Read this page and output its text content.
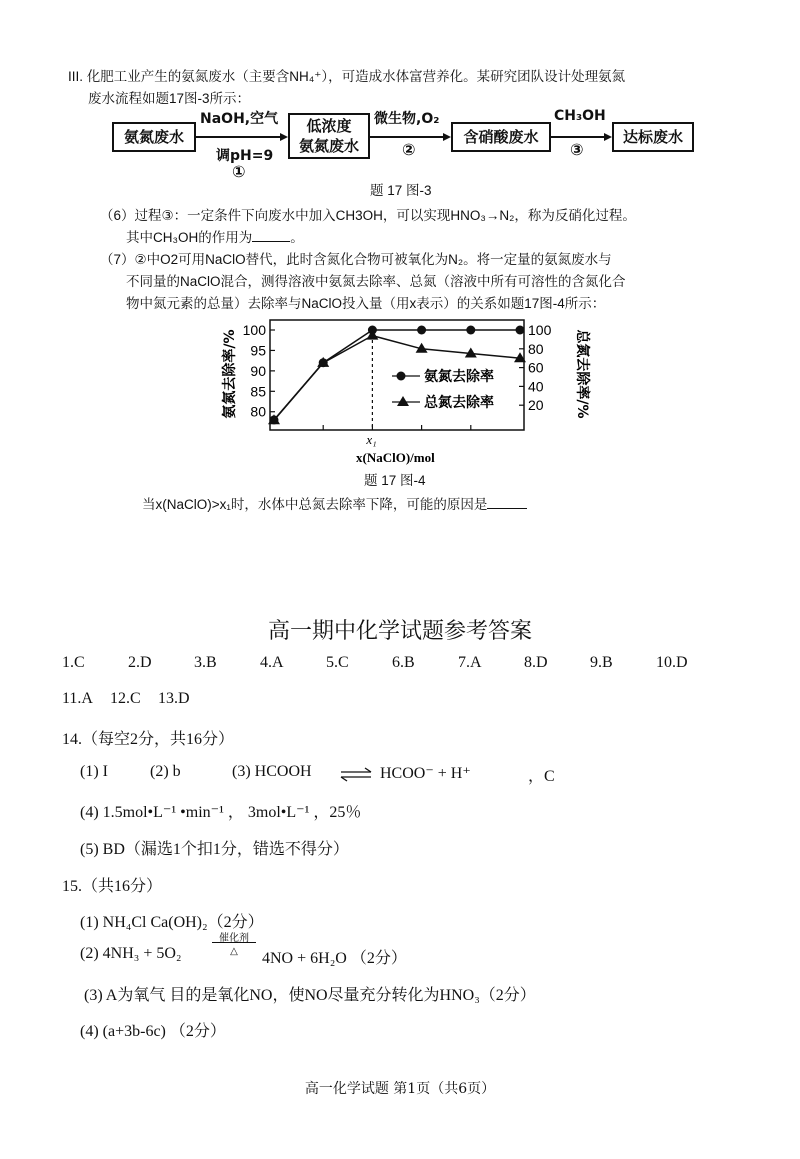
III. 化肥工业产生的氨氮废水（主要含NH₄⁺），可造成水体富营养化。某研究团队设计处理氨氮
废水流程如题17图-3所示：
氨氮废水
NaOH,空气
调pH=9
①
低浓度
氨氮废水
微生物,O₂
②
含硝酸废水
CH₃OH
③
达标废水
题 17 图-3
（6）过程③：一定条件下向废水中加入CH3OH，可以实现HNO₃→N₂，称为反硝化过程。
其中CH₃OH的作用为	。
（7）②中O2可用NaClO替代，此时含氮化合物可被氧化为N₂。将一定量的氨氮废水与
不同量的NaClO混合，测得溶液中氨氮去除率、总氮（溶液中所有可溶性的含氮化合
物中氮元素的总量）去除率与NaClO投入量（用x表示）的关系如题17图-4所示：
100
95
90
85
80
100
80
60
40
20
x₁
x(NaClO)/mol
氨氮去除率/%	总氮去除率/%
氨氮去除率
总氮去除率
题 17 图-4
当x(NaClO)>x₁时，水体中总氮去除率下降，可能的原因是
高一期中化学试题参考答案
1.C	2.D	3.B	4.A	5.C	6.B	7.A	8.D	9.B	10.D
11.A 12.C 13.D
14.（每空2分，共16分）
(1) I	(2) b	(3) HCOOH ⇌ HCOO⁻ + H⁺	，C
(4) 1.5mol•L⁻¹ •min⁻¹ ， 3mol•L⁻¹ ，25％
(5) BD（漏选1个扣1分，错选不得分）
15.（共16分）
(1) NH₄Cl Ca(OH)₂（2分）
(2) 4NH₃ + 5O₂
催化剂
△	4NO + 6H₂O （2分）
(3) A为氧气 目的是氧化NO，使NO尽量充分转化为HNO₃（2分）
(4) (a+3b-6c) （2分）
高一化学试题 第1页（共6页）
